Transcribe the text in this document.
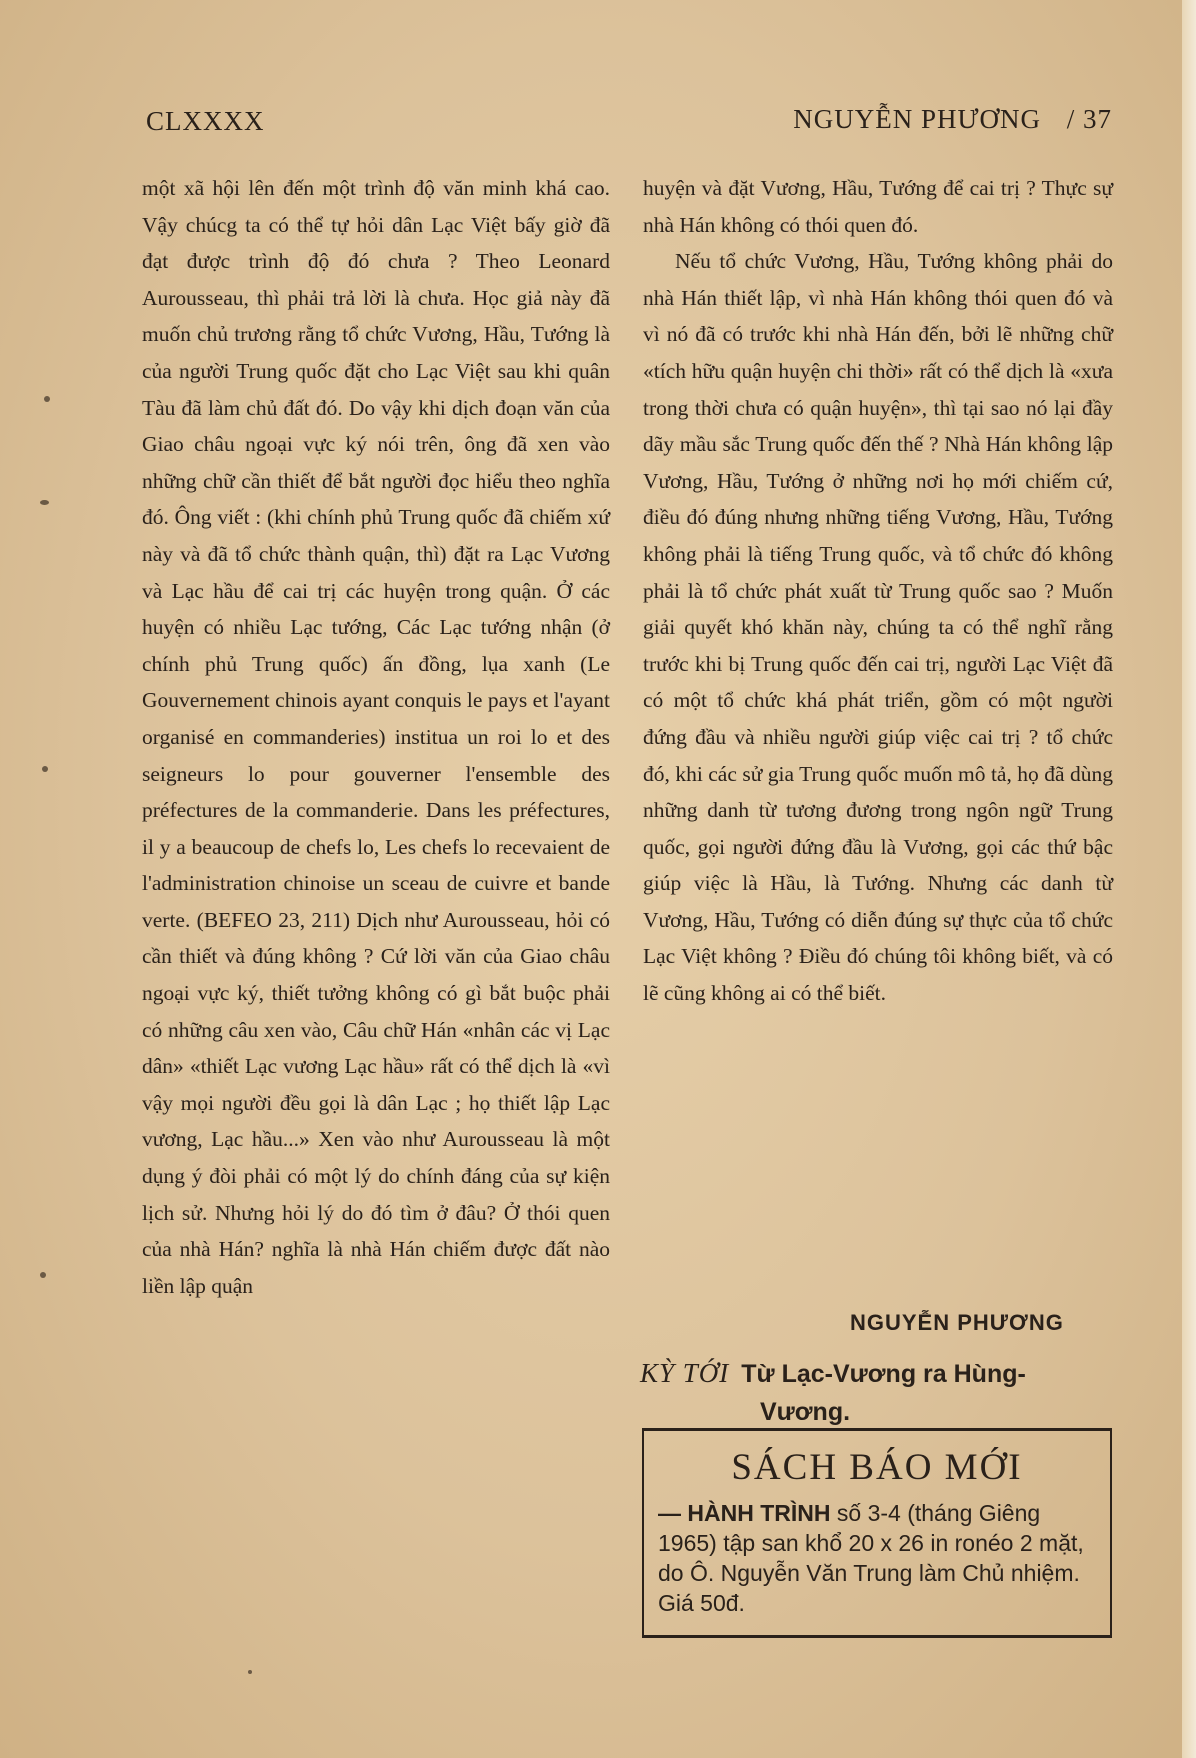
CLXXXX	NGUYỄN PHƯƠNG / 37

một xã hội lên đến một trình độ văn minh khá cao. Vậy chúcg ta có thể tự hỏi dân Lạc Việt bấy giờ đã đạt được trình độ đó chưa ? Theo Leonard Aurousseau, thì phải trả lời là chưa. Học giả này đã muốn chủ trương rằng tổ chức Vương, Hầu, Tướng là của người Trung quốc đặt cho Lạc Việt sau khi quân Tàu đã làm chủ đất đó. Do vậy khi dịch đoạn văn của Giao châu ngoại vực ký nói trên, ông đã xen vào những chữ cần thiết để bắt người đọc hiểu theo nghĩa đó. Ông viết : (khi chính phủ Trung quốc đã chiếm xứ này và đã tổ chức thành quận, thì) đặt ra Lạc Vương và Lạc hầu để cai trị các huyện trong quận. Ở các huyện có nhiều Lạc tướng, Các Lạc tướng nhận (ở chính phủ Trung quốc) ấn đồng, lụa xanh (Le Gouvernement chinois ayant conquis le pays et l'ayant organisé en commanderies) institua un roi lo et des seigneurs lo pour gouverner l'ensemble des préfectures de la commanderie. Dans les préfectures, il y a beaucoup de chefs lo, Les chefs lo recevaient de l'administration chinoise un sceau de cuivre et bande verte. (BEFEO 23, 211) Dịch như Aurousseau, hỏi có cần thiết và đúng không ? Cứ lời văn của Giao châu ngoại vực ký, thiết tưởng không có gì bắt buộc phải có những câu xen vào, Câu chữ Hán «nhân các vị Lạc dân» «thiết Lạc vương Lạc hầu» rất có thể dịch là «vì vậy mọi người đều gọi là dân Lạc ; họ thiết lập Lạc vương, Lạc hầu...» Xen vào như Aurousseau là một dụng ý đòi phải có một lý do chính đáng của sự kiện lịch sử. Nhưng hỏi lý do đó tìm ở đâu? Ở thói quen của nhà Hán? nghĩa là nhà Hán chiếm được đất nào liền lập quận

huyện và đặt Vương, Hầu, Tướng để cai trị ? Thực sự nhà Hán không có thói quen đó.

Nếu tổ chức Vương, Hầu, Tướng không phải do nhà Hán thiết lập, vì nhà Hán không thói quen đó và vì nó đã có trước khi nhà Hán đến, bởi lẽ những chữ «tích hữu quận huyện chi thời» rất có thể dịch là «xưa trong thời chưa có quận huyện», thì tại sao nó lại đầy dãy mầu sắc Trung quốc đến thế ? Nhà Hán không lập Vương, Hầu, Tướng ở những nơi họ mới chiếm cứ, điều đó đúng nhưng những tiếng Vương, Hầu, Tướng không phải là tiếng Trung quốc, và tổ chức đó không phải là tổ chức phát xuất từ Trung quốc sao ? Muốn giải quyết khó khăn này, chúng ta có thể nghĩ rằng trước khi bị Trung quốc đến cai trị, người Lạc Việt đã có một tổ chức khá phát triển, gồm có một người đứng đầu và nhiều người giúp việc cai trị ? tổ chức đó, khi các sử gia Trung quốc muốn mô tả, họ đã dùng những danh từ tương đương trong ngôn ngữ Trung quốc, gọi người đứng đầu là Vương, gọi các thứ bậc giúp việc là Hầu, là Tướng. Nhưng các danh từ Vương, Hầu, Tướng có diễn đúng sự thực của tổ chức Lạc Việt không ? Điều đó chúng tôi không biết, và có lẽ cũng không ai có thể biết.

NGUYỄN PHƯƠNG
KỲ TỚI Từ Lạc-Vương ra Hùng-
Vương.
SÁCH BÁO MỚI
— HÀNH TRÌNH số 3-4 (tháng Giêng 1965) tập san khổ 20 x 26 in ronéo 2 mặt, do Ô. Nguyễn Văn Trung làm Chủ nhiệm. Giá 50đ.
